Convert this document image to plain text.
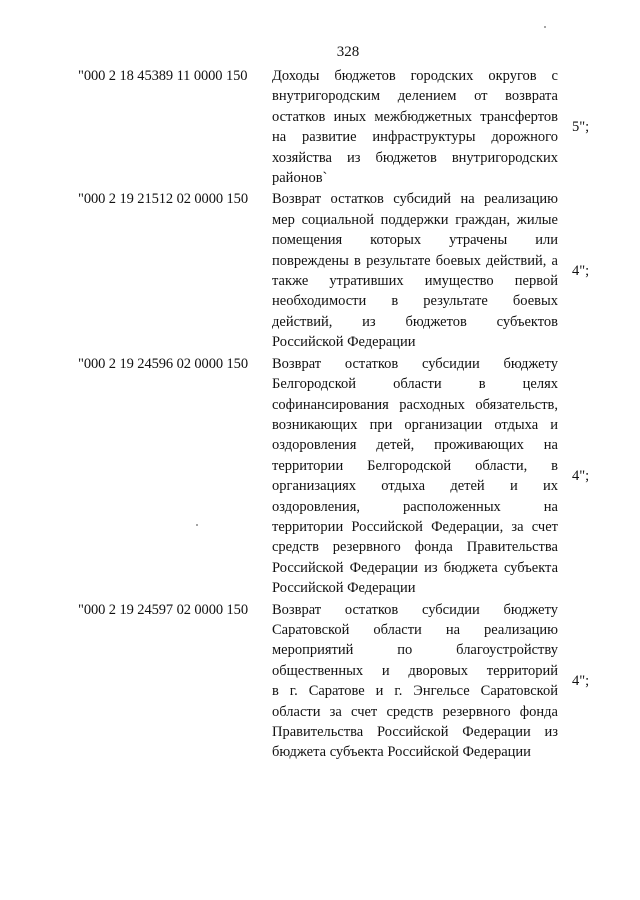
328
"000 2 18 45389 11 0000 150	Доходы бюджетов городских округов с
внутригородским делением от возврата
остатков иных межбюджетных трансфертов
на развитие инфраструктуры дорожного
хозяйства из бюджетов внутригородских
районов`
5";
"000 2 19 21512 02 0000 150	Возврат остатков субсидий на реализацию
мер социальной поддержки граждан, жилые
помещения которых утрачены или
повреждены в результате боевых действий, а
также утративших имущество первой
необходимости в результате боевых
действий, из бюджетов субъектов
Российской Федерации
4";
"000 2 19 24596 02 0000 150	Возврат остатков субсидии бюджету
Белгородской области в целях
софинансирования расходных обязательств,
возникающих при организации отдыха и
оздоровления детей, проживающих на
территории Белгородской области, в
организациях отдыха детей и их
оздоровления, расположенных на
территории Российской Федерации, за счет
средств резервного фонда Правительства
Российской Федерации из бюджета субъекта
Российской Федерации
4";
"000 2 19 24597 02 0000 150	Возврат остатков субсидии бюджету
Саратовской области на реализацию
мероприятий по благоустройству
общественных и дворовых территорий
в г. Саратове и г. Энгельсе Саратовской
области за счет средств резервного фонда
Правительства Российской Федерации из
бюджета субъекта Российской Федерации
4";
